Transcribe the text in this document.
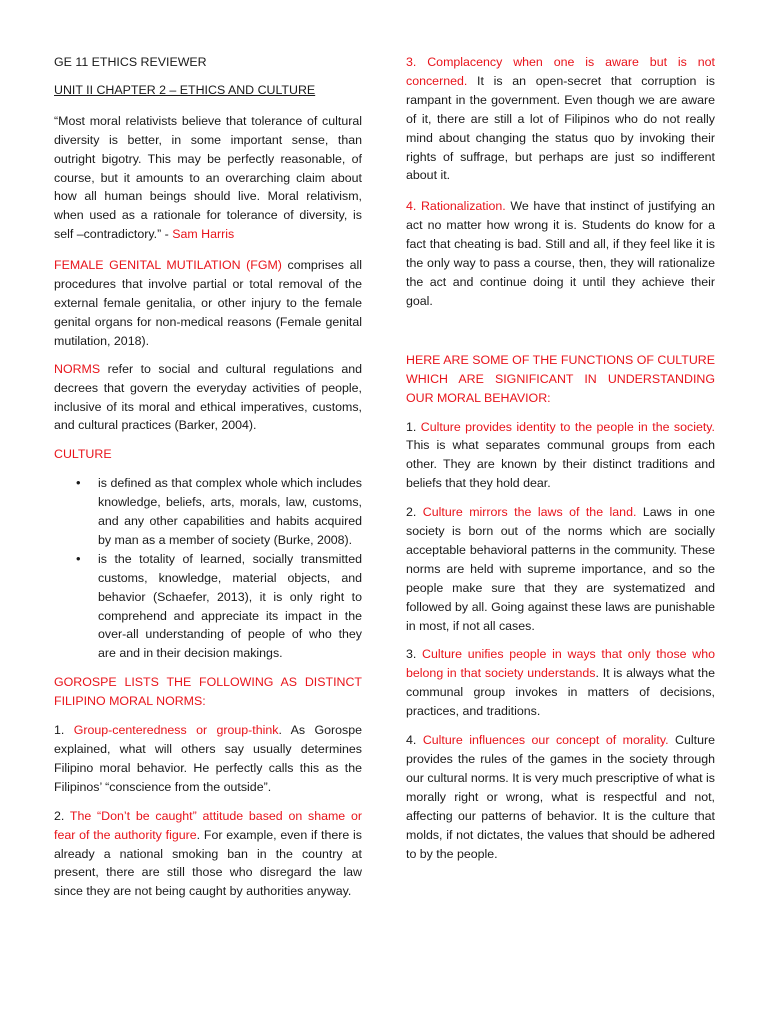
GE 11 ETHICS REVIEWER

UNIT II CHAPTER 2 – ETHICS AND CULTURE

“Most moral relativists believe that tolerance of cultural diversity is better, in some important sense, than outright bigotry. This may be perfectly reasonable, of course, but it amounts to an overarching claim about how all human beings should live. Moral relativism, when used as a rationale for tolerance of diversity, is self –contradictory.” - Sam Harris

FEMALE GENITAL MUTILATION (FGM) comprises all procedures that involve partial or total removal of the external female genitalia, or other injury to the female genital organs for non-medical reasons (Female genital mutilation, 2018).

NORMS refer to social and cultural regulations and decrees that govern the everyday activities of people, inclusive of its moral and ethical imperatives, customs, and cultural practices (Barker, 2004).

CULTURE

• is defined as that complex whole which includes knowledge, beliefs, arts, morals, law, customs, and any other capabilities and habits acquired by man as a member of society (Burke, 2008).
• is the totality of learned, socially transmitted customs, knowledge, material objects, and behavior (Schaefer, 2013), it is only right to comprehend and appreciate its impact in the over-all understanding of people of who they are and in their decision makings.

GOROSPE LISTS THE FOLLOWING AS DISTINCT FILIPINO MORAL NORMS:

1. Group-centeredness or group-think. As Gorospe explained, what will others say usually determines Filipino moral behavior. He perfectly calls this as the Filipinos’ “conscience from the outside”.

2. The “Don’t be caught” attitude based on shame or fear of the authority figure. For example, even if there is already a national smoking ban in the country at present, there are still those who disregard the law since they are not being caught by authorities anyway.

3. Complacency when one is aware but is not concerned. It is an open-secret that corruption is rampant in the government. Even though we are aware of it, there are still a lot of Filipinos who do not really mind about changing the status quo by invoking their rights of suffrage, but perhaps are just so indifferent about it.

4. Rationalization. We have that instinct of justifying an act no matter how wrong it is. Students do know for a fact that cheating is bad. Still and all, if they feel like it is the only way to pass a course, then, they will rationalize the act and continue doing it until they achieve their goal.

HERE ARE SOME OF THE FUNCTIONS OF CULTURE WHICH ARE SIGNIFICANT IN UNDERSTANDING OUR MORAL BEHAVIOR:

1. Culture provides identity to the people in the society. This is what separates communal groups from each other. They are known by their distinct traditions and beliefs that they hold dear.

2. Culture mirrors the laws of the land. Laws in one society is born out of the norms which are socially acceptable behavioral patterns in the community. These norms are held with supreme importance, and so the people make sure that they are systematized and followed by all. Going against these laws are punishable in most, if not all cases.

3. Culture unifies people in ways that only those who belong in that society understands. It is always what the communal group invokes in matters of decisions, practices, and traditions.

4. Culture influences our concept of morality. Culture provides the rules of the games in the society through our cultural norms. It is very much prescriptive of what is morally right or wrong, what is respectful and not, affecting our patterns of behavior. It is the culture that molds, if not dictates, the values that should be adhered to by the people.
